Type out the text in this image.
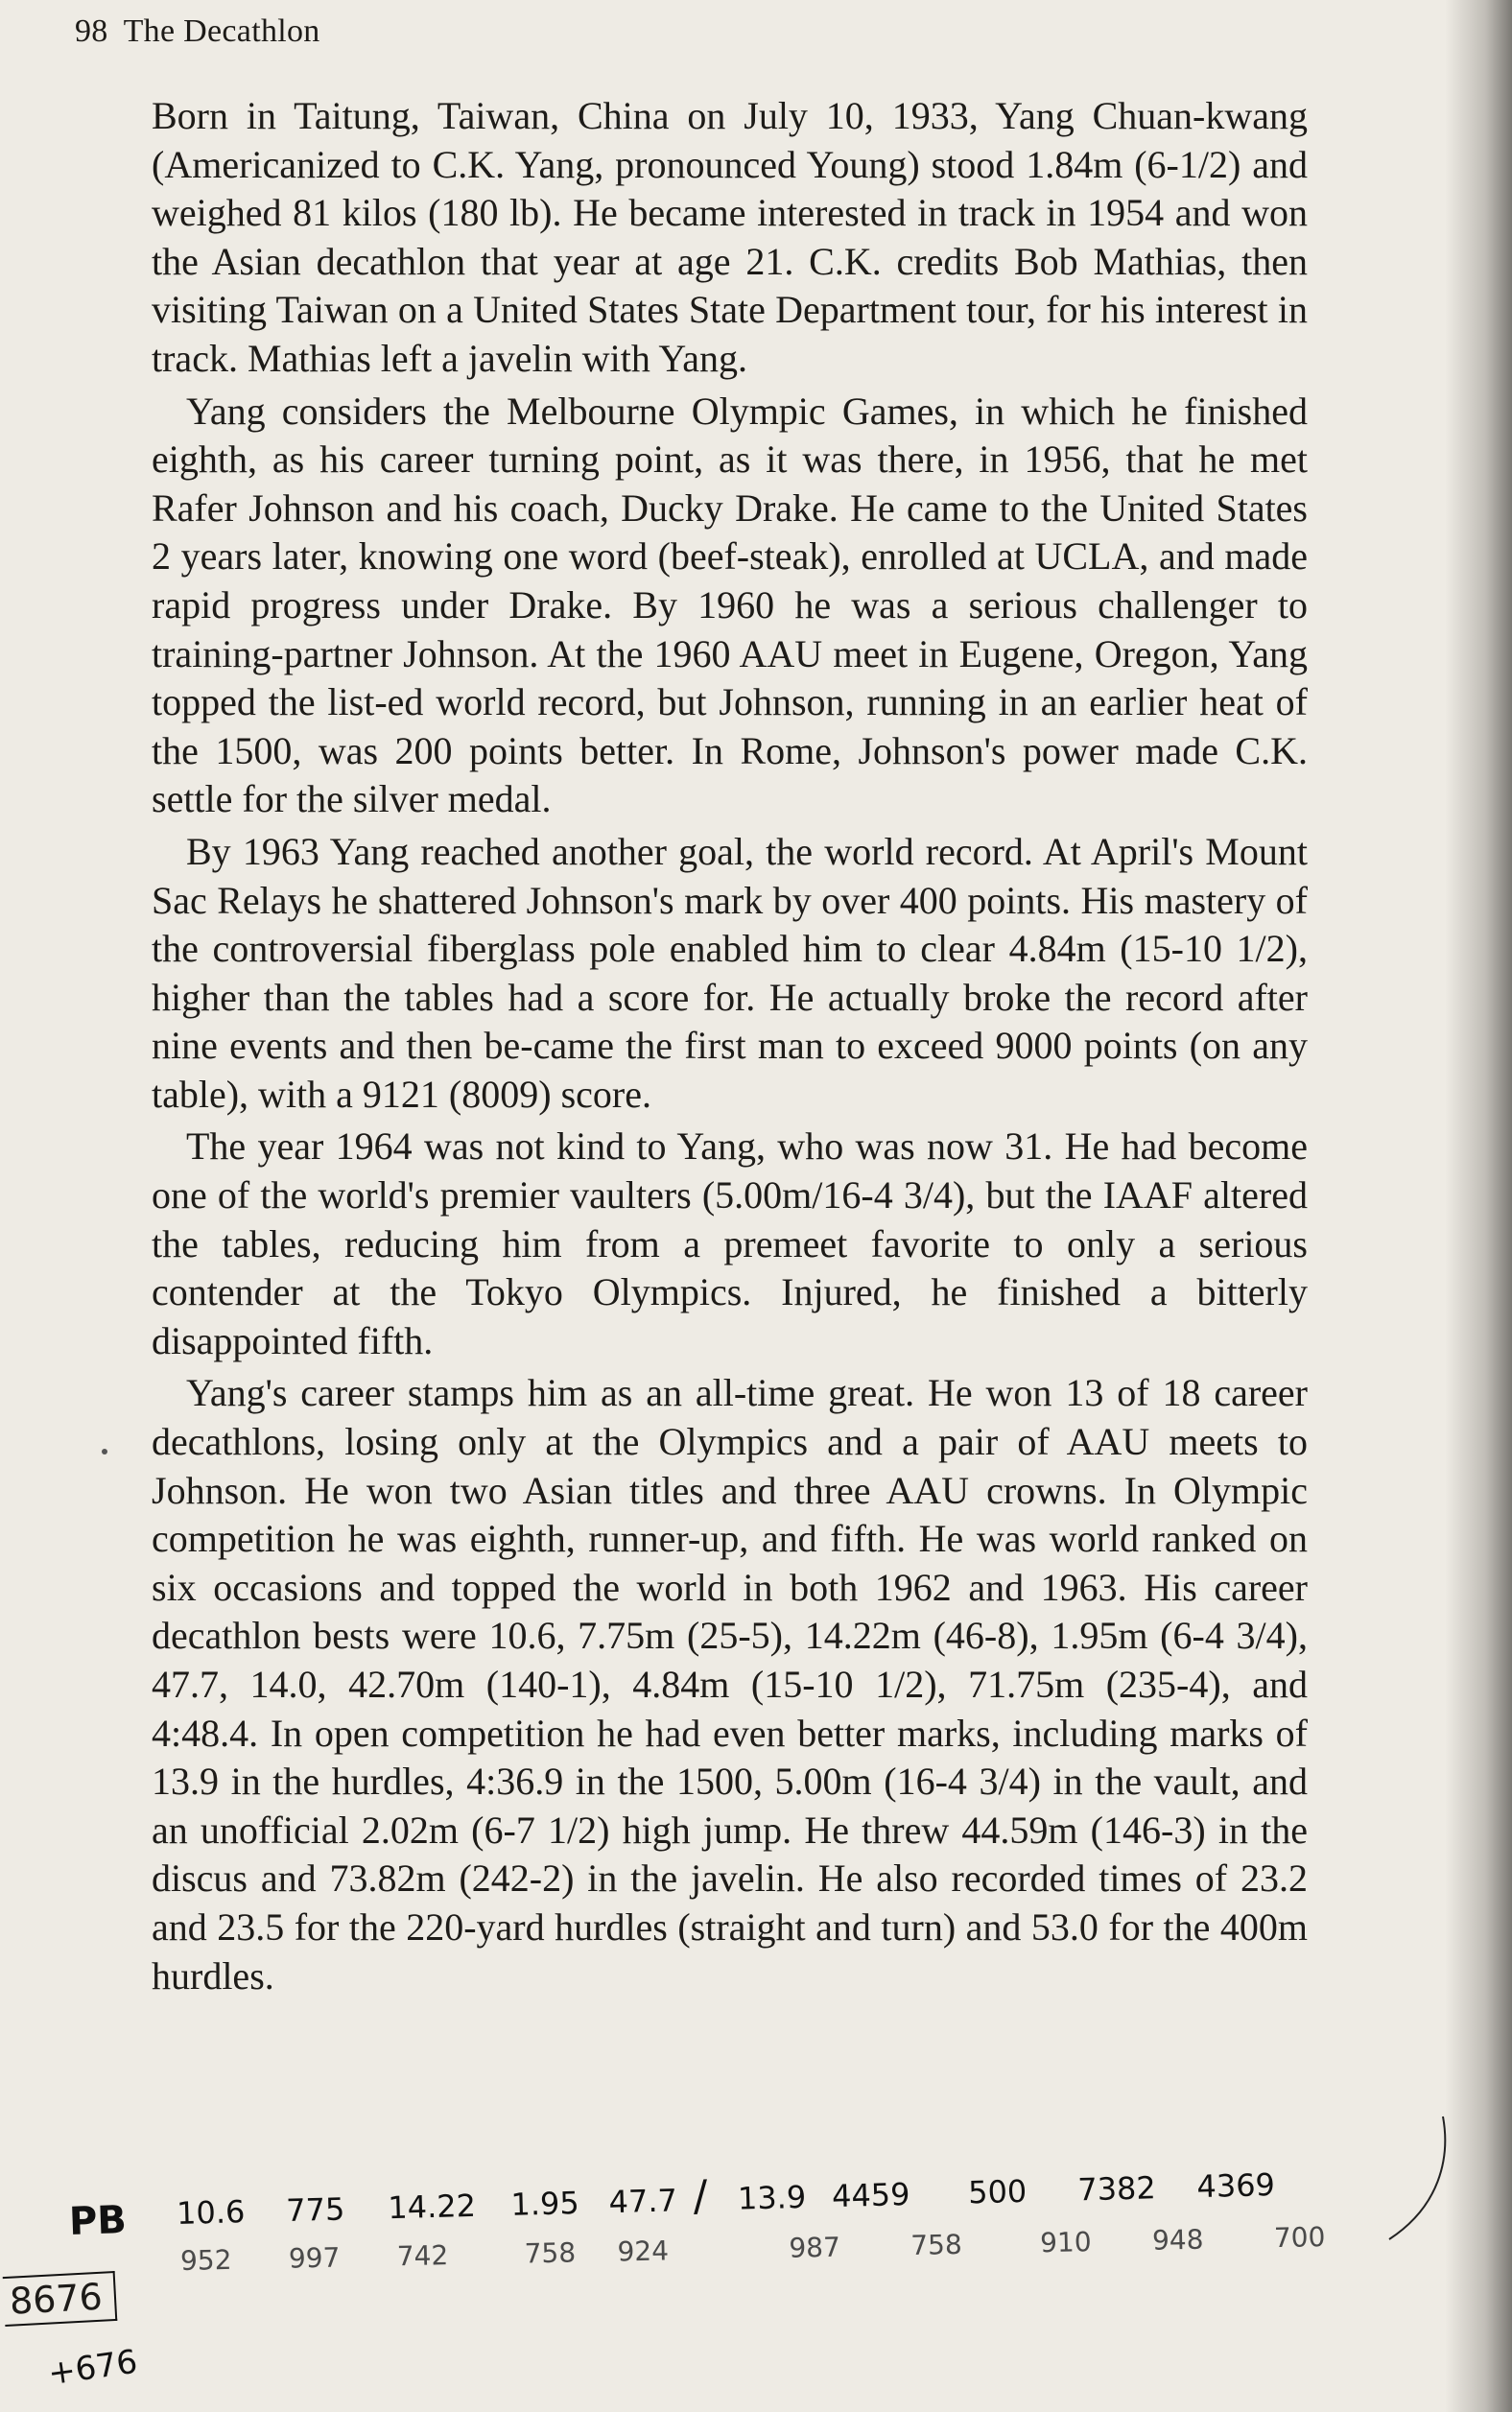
98 The Decathlon

Born in Taitung, Taiwan, China on July 10, 1933, Yang Chuan-kwang (Americanized to C.K. Yang, pronounced Young) stood 1.84m (6-1/2) and weighed 81 kilos (180 lb). He became interested in track in 1954 and won the Asian decathlon that year at age 21. C.K. credits Bob Mathias, then visiting Taiwan on a United States State Department tour, for his interest in track. Mathias left a javelin with Yang.

Yang considers the Melbourne Olympic Games, in which he finished eighth, as his career turning point, as it was there, in 1956, that he met Rafer Johnson and his coach, Ducky Drake. He came to the United States 2 years later, knowing one word (beef-steak), enrolled at UCLA, and made rapid progress under Drake. By 1960 he was a serious challenger to training-partner Johnson. At the 1960 AAU meet in Eugene, Oregon, Yang topped the list-ed world record, but Johnson, running in an earlier heat of the 1500, was 200 points better. In Rome, Johnson's power made C.K. settle for the silver medal.

By 1963 Yang reached another goal, the world record. At April's Mount Sac Relays he shattered Johnson's mark by over 400 points. His mastery of the controversial fiberglass pole enabled him to clear 4.84m (15-10 1/2), higher than the tables had a score for. He actually broke the record after nine events and then be-came the first man to exceed 9000 points (on any table), with a 9121 (8009) score.

The year 1964 was not kind to Yang, who was now 31. He had become one of the world's premier vaulters (5.00m/16-4 3/4), but the IAAF altered the tables, reducing him from a premeet favorite to only a serious contender at the Tokyo Olympics. Injured, he finished a bitterly disappointed fifth.

Yang's career stamps him as an all-time great. He won 13 of 18 career decathlons, losing only at the Olympics and a pair of AAU meets to Johnson. He won two Asian titles and three AAU crowns. In Olympic competition he was eighth, runner-up, and fifth. He was world ranked on six occasions and topped the world in both 1962 and 1963. His career decathlon bests were 10.6, 7.75m (25-5), 14.22m (46-8), 1.95m (6-4 3/4), 47.7, 14.0, 42.70m (140-1), 4.84m (15-10 1/2), 71.75m (235-4), and 4:48.4. In open competition he had even better marks, including marks of 13.9 in the hurdles, 4:36.9 in the 1500, 5.00m (16-4 3/4) in the vault, and an unofficial 2.02m (6-7 1/2) high jump. He threw 44.59m (146-3) in the discus and 73.82m (242-2) in the javelin. He also recorded times of 23.2 and 23.5 for the 220-yard hurdles (straight and turn) and 53.0 for the 400m hurdles.

PB 10.6 775 14.22 1.95 47.7 / 13.9 4459 500 7382 4369
952 997 742	758 924	987	758	910 948	700
8676
+676
